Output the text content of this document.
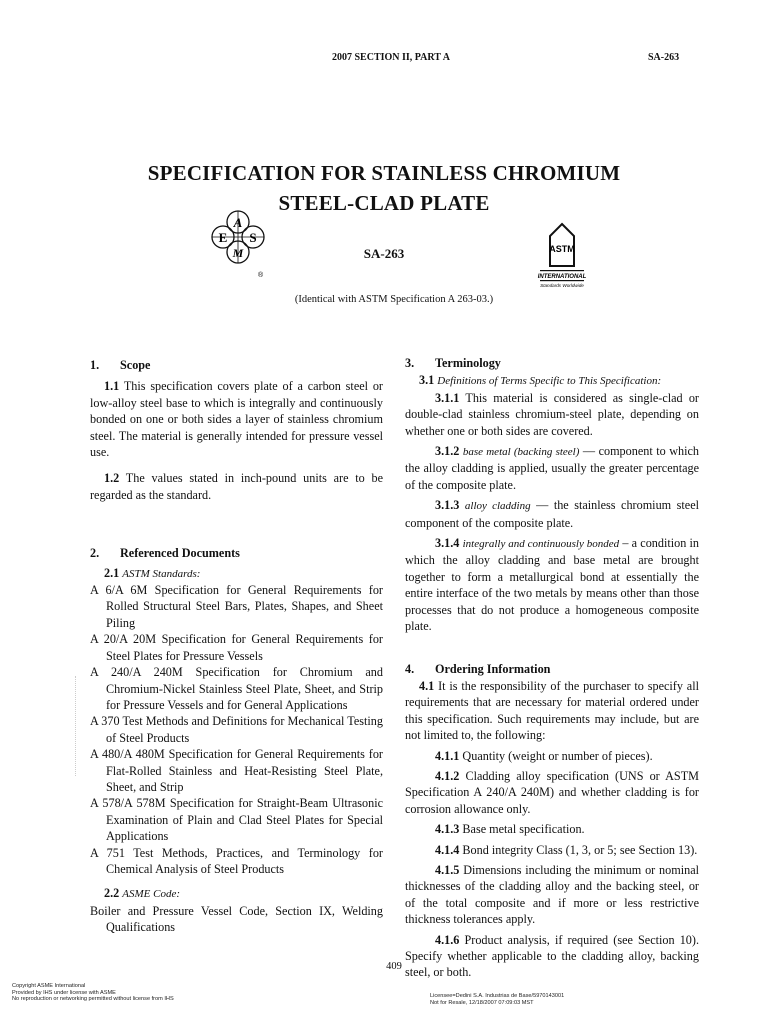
2007 SECTION II, PART A	SA-263
SPECIFICATION FOR STAINLESS CHROMIUM
STEEL-CLAD PLATE
A
E S
M
®
SA-263	ASTM
INTERNATIONAL
Standards Worldwide
(Identical with ASTM Specification A 263-03.)

1. Scope

1.1 This specification covers plate of a carbon steel or low-alloy steel base to which is integrally and continuously bonded on one or both sides a layer of stainless chromium steel. The material is generally intended for pressure vessel use.

1.2 The values stated in inch-pound units are to be regarded as the standard.

2. Referenced Documents

2.1 ASTM Standards:

A 6/A 6M Specification for General Requirements for Rolled Structural Steel Bars, Plates, Shapes, and Sheet Piling

A 20/A 20M Specification for General Requirements for Steel Plates for Pressure Vessels

A 240/A 240M Specification for Chromium and Chromium-Nickel Stainless Steel Plate, Sheet, and Strip for Pressure Vessels and for General Applications

A 370 Test Methods and Definitions for Mechanical Testing of Steel Products

A 480/A 480M Specification for General Requirements for Flat-Rolled Stainless and Heat-Resisting Steel Plate, Sheet, and Strip

A 578/A 578M Specification for Straight-Beam Ultrasonic Examination of Plain and Clad Steel Plates for Special Applications

A 751 Test Methods, Practices, and Terminology for Chemical Analysis of Steel Products

2.2 ASME Code:

Boiler and Pressure Vessel Code, Section IX, Welding Qualifications

3. Terminology

3.1 Definitions of Terms Specific to This Specification:

3.1.1 This material is considered as single-clad or double-clad stainless chromium-steel plate, depending on whether one or both sides are covered.

3.1.2 base metal (backing steel) — component to which the alloy cladding is applied, usually the greater percentage of the composite plate.

3.1.3 alloy cladding — the stainless chromium steel component of the composite plate.

3.1.4 integrally and continuously bonded – a condition in which the alloy cladding and base metal are brought together to form a metallurgical bond at essentially the entire interface of the two metals by means other than those processes that do not produce a homogeneous composite plate.

4. Ordering Information

4.1 It is the responsibility of the purchaser to specify all requirements that are necessary for material ordered under this specification. Such requirements may include, but are not limited to, the following:

4.1.1 Quantity (weight or number of pieces).

4.1.2 Cladding alloy specification (UNS or ASTM Specification A 240/A 240M) and whether cladding is for corrosion allowance only.

4.1.3 Base metal specification.

4.1.4 Bond integrity Class (1, 3, or 5; see Section 13).

4.1.5 Dimensions including the minimum or nominal thicknesses of the cladding alloy and the backing steel, or of the total composite and if more or less restrictive thickness tolerances apply.

4.1.6 Product analysis, if required (see Section 10). Specify whether applicable to the cladding alloy, backing steel, or both.

409
Copyright ASME International
Provided by IHS under license with ASME
No reproduction or networking permitted without license from IHS
Licensee=Dedini S.A. Industrias de Base/5970143001
Not for Resale, 12/18/2007 07:09:03 MST
